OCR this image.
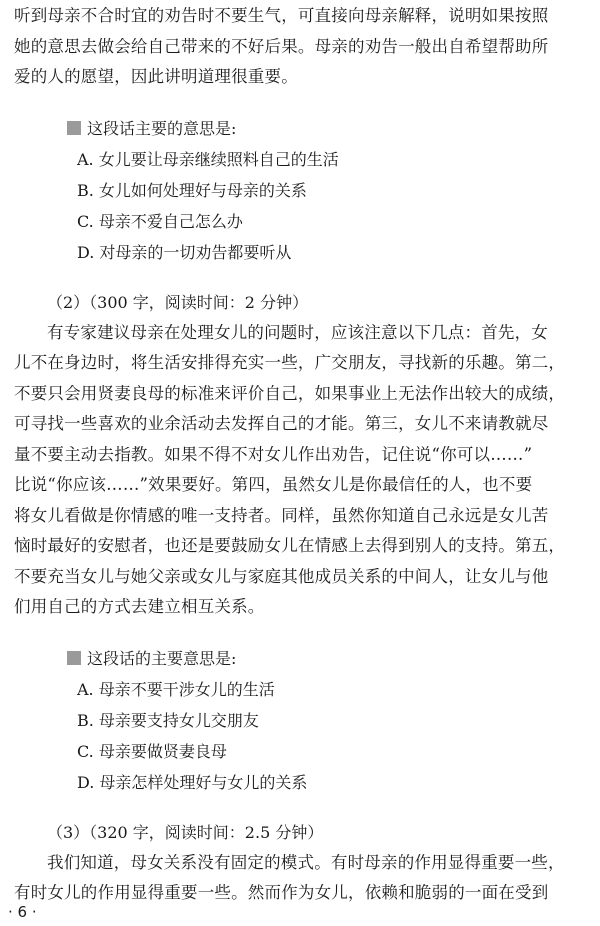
听到母亲不合时宜的劝告时不要生气，可直接向母亲解释，说明如果按照
她的意思去做会给自己带来的不好后果。母亲的劝告一般出自希望帮助所
爱的人的愿望，因此讲明道理很重要。
这段话主要的意思是:
A. 女儿要让母亲继续照料自己的生活
B. 女儿如何处理好与母亲的关系
C. 母亲不爱自己怎么办
D. 对母亲的一切劝告都要听从
（2）（300 字，阅读时间：2 分钟）
有专家建议母亲在处理女儿的问题时，应该注意以下几点：首先，女
儿不在身边时，将生活安排得充实一些，广交朋友，寻找新的乐趣。第二，
不要只会用贤妻良母的标准来评价自己，如果事业上无法作出较大的成绩，
可寻找一些喜欢的业余活动去发挥自己的才能。第三，女儿不来请教就尽
量不要主动去指教。如果不得不对女儿作出劝告，记住说“你可以……”
比说“你应该……”效果要好。第四，虽然女儿是你最信任的人，也不要
将女儿看做是你情感的唯一支持者。同样，虽然你知道自己永远是女儿苦
恼时最好的安慰者，也还是要鼓励女儿在情感上去得到别人的支持。第五，
不要充当女儿与她父亲或女儿与家庭其他成员关系的中间人，让女儿与他
们用自己的方式去建立相互关系。
这段话的主要意思是:
A. 母亲不要干涉女儿的生活
B. 母亲要支持女儿交朋友
C. 母亲要做贤妻良母
D. 母亲怎样处理好与女儿的关系
（3）（320 字，阅读时间：2.5 分钟）
我们知道，母女关系没有固定的模式。有时母亲的作用显得重要一些，
有时女儿的作用显得重要一些。然而作为女儿，依赖和脆弱的一面在受到
· 6 ·
